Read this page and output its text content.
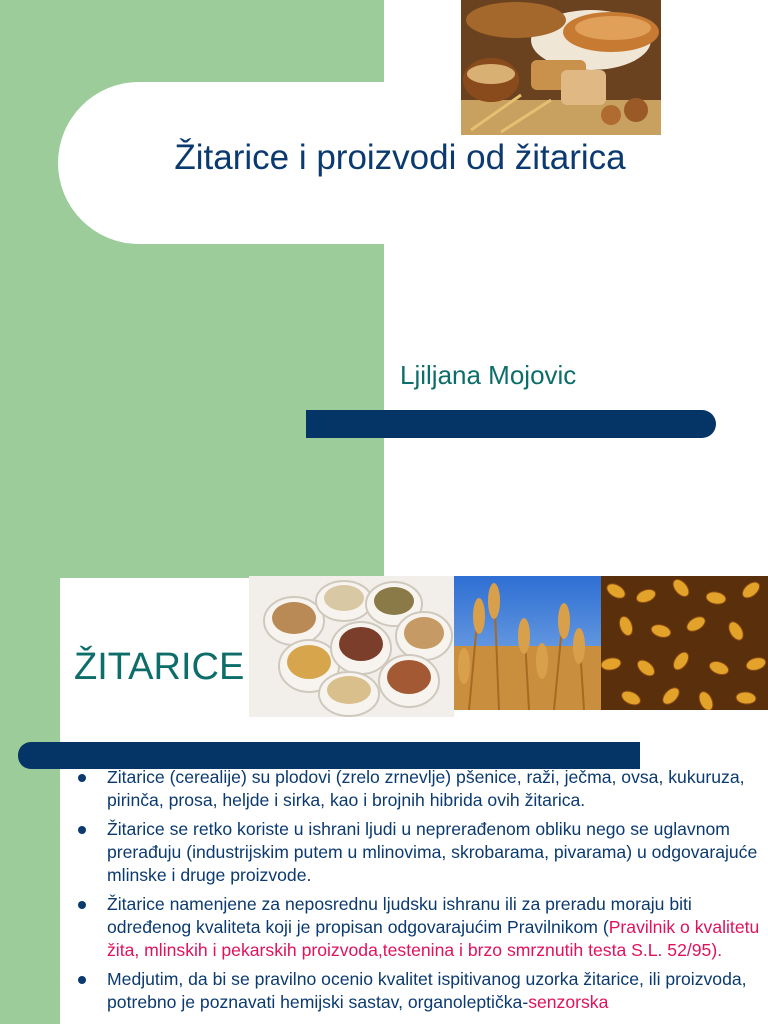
Žitarice i proizvodi od žitarica
Ljiljana Mojovic
ŽITARICE
Zitarice (cerealije) su plodovi (zrelo zrnevlje) pšenice, raži, ječma, ovsa, kukuruza, pirinča, prosa, heljde i sirka, kao i brojnih hibrida ovih žitarica.
Žitarice se retko koriste u ishrani ljudi u neprerađenom obliku nego se uglavnom prerađuju (industrijskim putem u mlinovima, skrobarama, pivarama) u odgovarajuće mlinske i druge proizvode.
Žitarice namenjene za neposrednu ljudsku ishranu ili za preradu moraju biti određenog kvaliteta koji je propisan odgovarajućim Pravilnikom (Pravilnik o kvalitetu žita, mlinskih i pekarskih proizvoda,testenina i brzo smrznutih testa S.L. 52/95).
Medjutim, da bi se pravilno ocenio kvalitet ispitivanog uzorka žitarice, ili proizvoda, potrebno je poznavati hemijski sastav, organoleptička-senzorska
